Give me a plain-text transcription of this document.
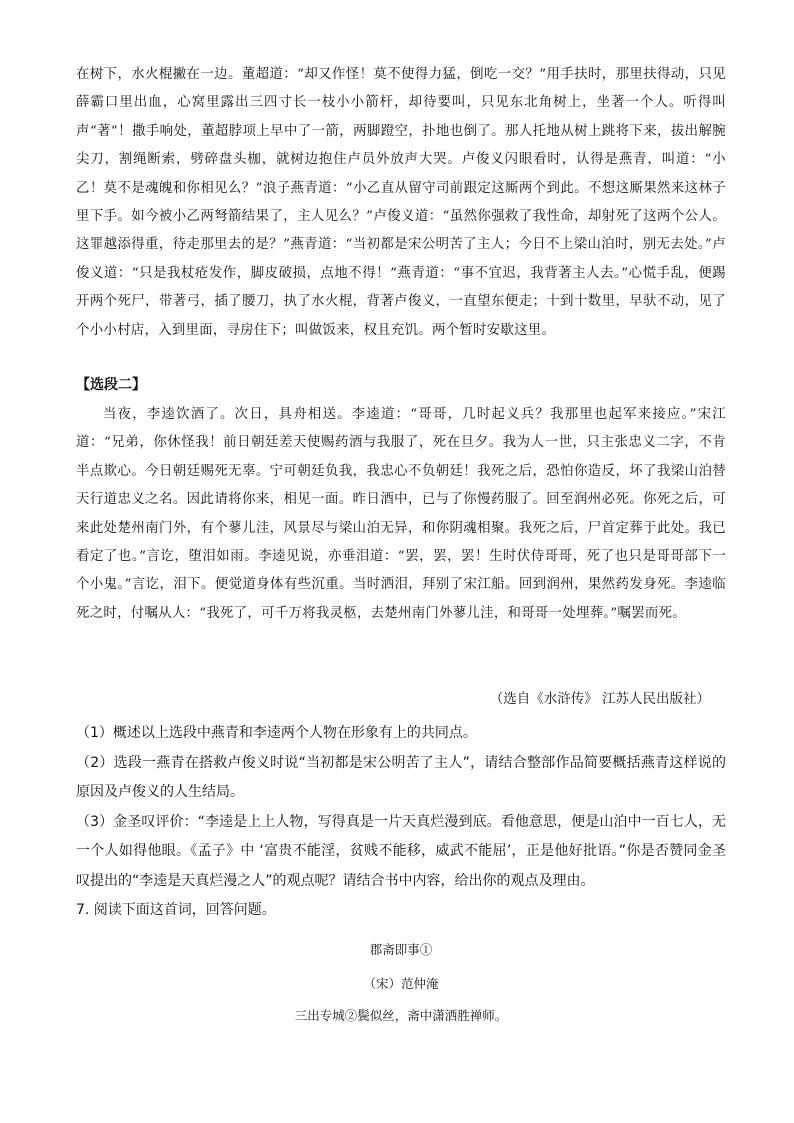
在树下，水火棍撇在一边。董超道：“却又作怪！莫不使得力猛，倒吃一交？”用手扶时，那里扶得动，只见薛霸口里出血，心窝里露出三四寸长一枝小小箭杆，却待要叫，只见东北角树上，坐著一个人。听得叫声“著”！撒手响处，董超脖项上早中了一箭，两脚蹬空，扑地也倒了。那人托地从树上跳将下来，拔出解腕尖刀，割绳断索，劈碎盘头枷，就树边抱住卢员外放声大哭。卢俊义闪眼看时，认得是燕青，叫道：“小乙！莫不是魂魄和你相见么？”浪子燕青道：“小乙直从留守司前跟定这厮两个到此。不想这厮果然来这林子里下手。如今被小乙两弩箭结果了，主人见么？”卢俊义道：“虽然你强救了我性命，却射死了这两个公人。这罪越添得重，待走那里去的是？”燕青道：“当初都是宋公明苦了主人；今日不上梁山泊时，别无去处。”卢俊义道：“只是我杖疮发作，脚皮破损，点地不得！”燕青道：“事不宜迟，我背著主人去。”心慌手乱，便踢开两个死尸，带著弓，插了腰刀，执了水火棍，背著卢俊义，一直望东便走；十到十数里，早驮不动，见了个小小村店，入到里面，寻房住下；叫做饭来，权且充饥。两个暂时安歇这里。

【选段二】

当夜，李逵饮酒了。次日，具舟相送。李逵道：“哥哥，几时起义兵？我那里也起军来接应。”宋江道：“兄弟，你休怪我！前日朝廷差天使赐药酒与我服了，死在旦夕。我为人一世，只主张忠义二字，不肯半点欺心。今日朝廷赐死无辜。宁可朝廷负我，我忠心不负朝廷！我死之后，恐怕你造反，坏了我梁山泊替天行道忠义之名。因此请将你来，相见一面。昨日酒中，已与了你慢药服了。回至润州必死。你死之后，可来此处楚州南门外，有个蓼儿洼，风景尽与梁山泊无异，和你阴魂相聚。我死之后，尸首定葬于此处。我已看定了也。”言讫，堕泪如雨。李逵见说，亦垂泪道：“罢，罢，罢！生时伏侍哥哥，死了也只是哥哥部下一个小鬼。”言讫，泪下。便觉道身体有些沉重。当时洒泪，拜别了宋江船。回到润州，果然药发身死。李逵临死之时，付嘱从人：“我死了，可千万将我灵柩，去楚州南门外蓼儿洼，和哥哥一处埋葬。”嘱罢而死。

（选自《水浒传》 江苏人民出版社）

（1）概述以上选段中燕青和李逵两个人物在形象有上的共同点。

（2）选段一燕青在搭救卢俊义时说“当初都是宋公明苦了主人”，请结合整部作品简要概括燕青这样说的原因及卢俊义的人生结局。

（3）金圣叹评价：“李逵是上上人物，写得真是一片天真烂漫到底。看他意思，便是山泊中一百七人，无一个人如得他眼。《孟子》中 ‘富贵不能淫，贫贱不能移，威武不能屈’，正是他好批语。”你是否赞同金圣叹提出的“李逵是天真烂漫之人”的观点呢？请结合书中内容，给出你的观点及理由。

7. 阅读下面这首词，回答问题。

郡斋即事①
（宋）范仲淹
三出专城②鬓似丝，斋中潇洒胜禅师。
